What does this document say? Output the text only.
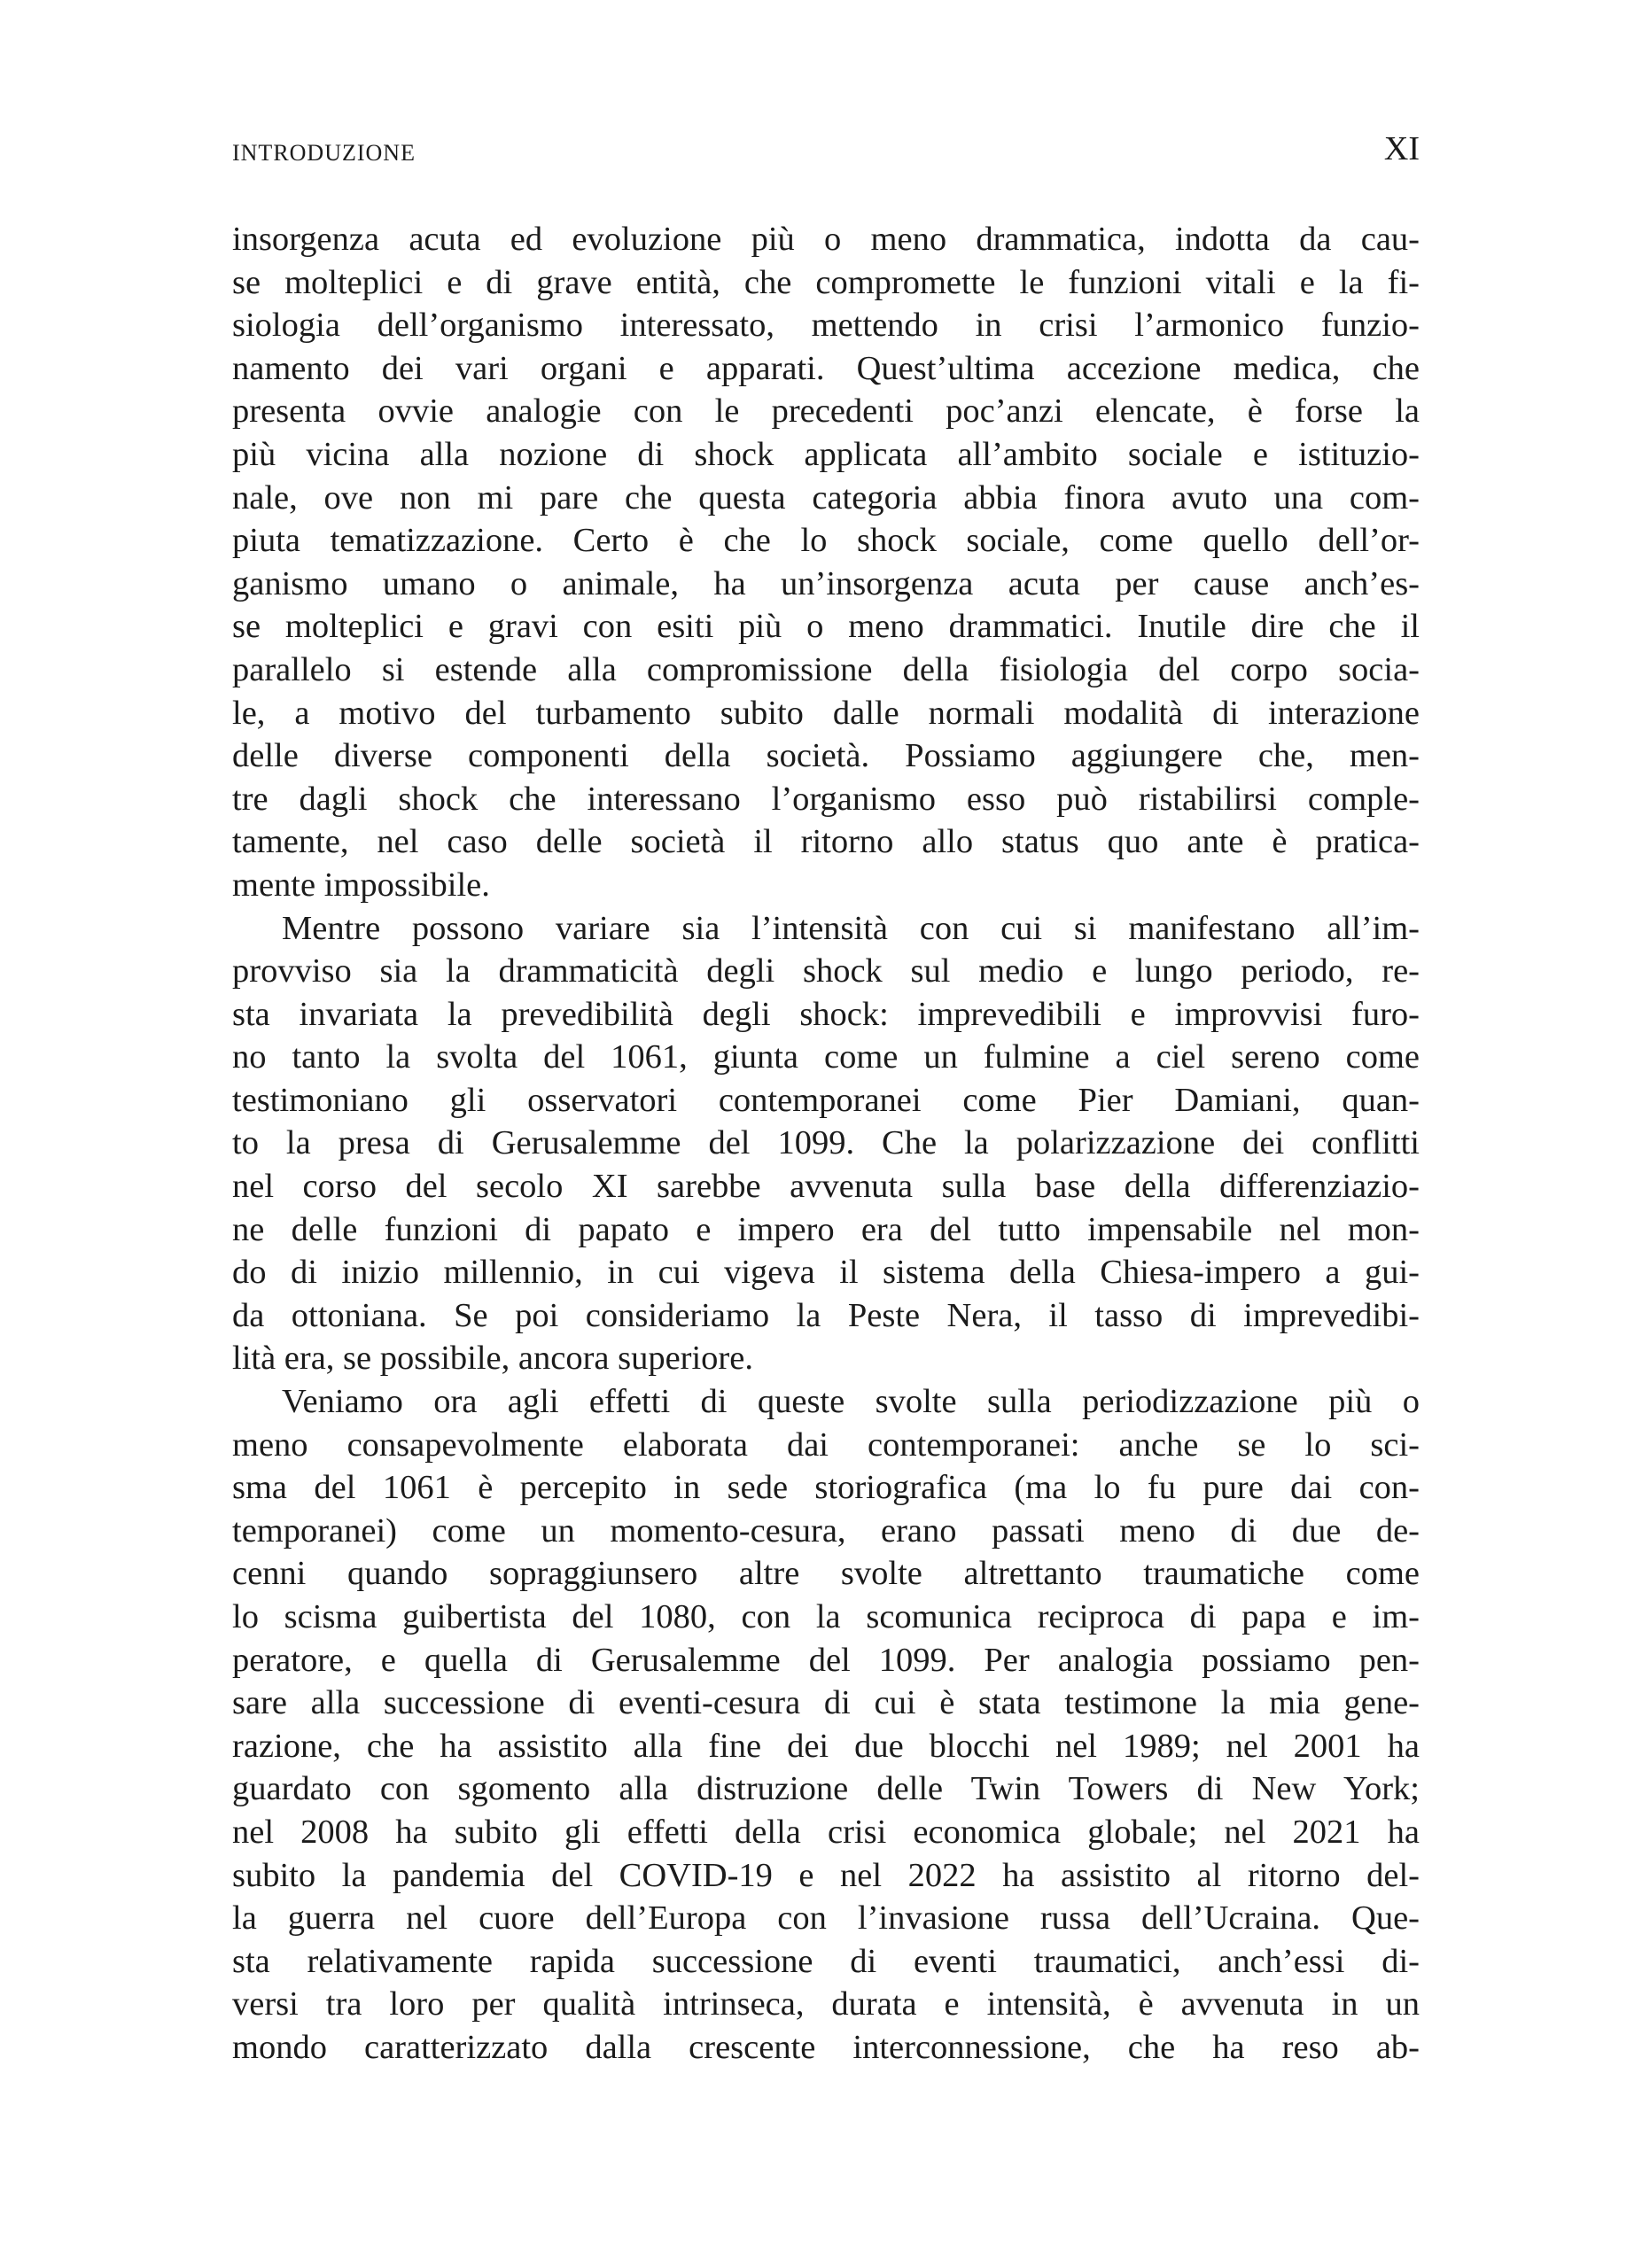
INTRODUZIONE	XI
insorgenza acuta ed evoluzione più o meno drammatica, indotta da cau-
se molteplici e di grave entità, che compromette le funzioni vitali e la fi-
siologia dell’organismo interessato, mettendo in crisi l’armonico funzio-
namento dei vari organi e apparati. Quest’ultima accezione medica, che
presenta ovvie analogie con le precedenti poc’anzi elencate, è forse la
più vicina alla nozione di shock applicata all’ambito sociale e istituzio-
nale, ove non mi pare che questa categoria abbia finora avuto una com-
piuta tematizzazione. Certo è che lo shock sociale, come quello dell’or-
ganismo umano o animale, ha un’insorgenza acuta per cause anch’es-
se molteplici e gravi con esiti più o meno drammatici. Inutile dire che il
parallelo si estende alla compromissione della fisiologia del corpo socia-
le, a motivo del turbamento subito dalle normali modalità di interazione
delle diverse componenti della società. Possiamo aggiungere che, men-
tre dagli shock che interessano l’organismo esso può ristabilirsi comple-
tamente, nel caso delle società il ritorno allo status quo ante è pratica-
mente impossibile.
Mentre possono variare sia l’intensità con cui si manifestano all’im-
provviso sia la drammaticità degli shock sul medio e lungo periodo, re-
sta invariata la prevedibilità degli shock: imprevedibili e improvvisi furo-
no tanto la svolta del 1061, giunta come un fulmine a ciel sereno come
testimoniano gli osservatori contemporanei come Pier Damiani, quan-
to la presa di Gerusalemme del 1099. Che la polarizzazione dei conflitti
nel corso del secolo XI sarebbe avvenuta sulla base della differenziazio-
ne delle funzioni di papato e impero era del tutto impensabile nel mon-
do di inizio millennio, in cui vigeva il sistema della Chiesa-impero a gui-
da ottoniana. Se poi consideriamo la Peste Nera, il tasso di imprevedibi-
lità era, se possibile, ancora superiore.
Veniamo ora agli effetti di queste svolte sulla periodizzazione più o
meno consapevolmente elaborata dai contemporanei: anche se lo sci-
sma del 1061 è percepito in sede storiografica (ma lo fu pure dai con-
temporanei) come un momento-cesura, erano passati meno di due de-
cenni quando sopraggiunsero altre svolte altrettanto traumatiche come
lo scisma guibertista del 1080, con la scomunica reciproca di papa e im-
peratore, e quella di Gerusalemme del 1099. Per analogia possiamo pen-
sare alla successione di eventi-cesura di cui è stata testimone la mia gene-
razione, che ha assistito alla fine dei due blocchi nel 1989; nel 2001 ha
guardato con sgomento alla distruzione delle Twin Towers di New York;
nel 2008 ha subito gli effetti della crisi economica globale; nel 2021 ha
subito la pandemia del COVID-19 e nel 2022 ha assistito al ritorno del-
la guerra nel cuore dell’Europa con l’invasione russa dell’Ucraina. Que-
sta relativamente rapida successione di eventi traumatici, anch’essi di-
versi tra loro per qualità intrinseca, durata e intensità, è avvenuta in un
mondo caratterizzato dalla crescente interconnessione, che ha reso ab-
